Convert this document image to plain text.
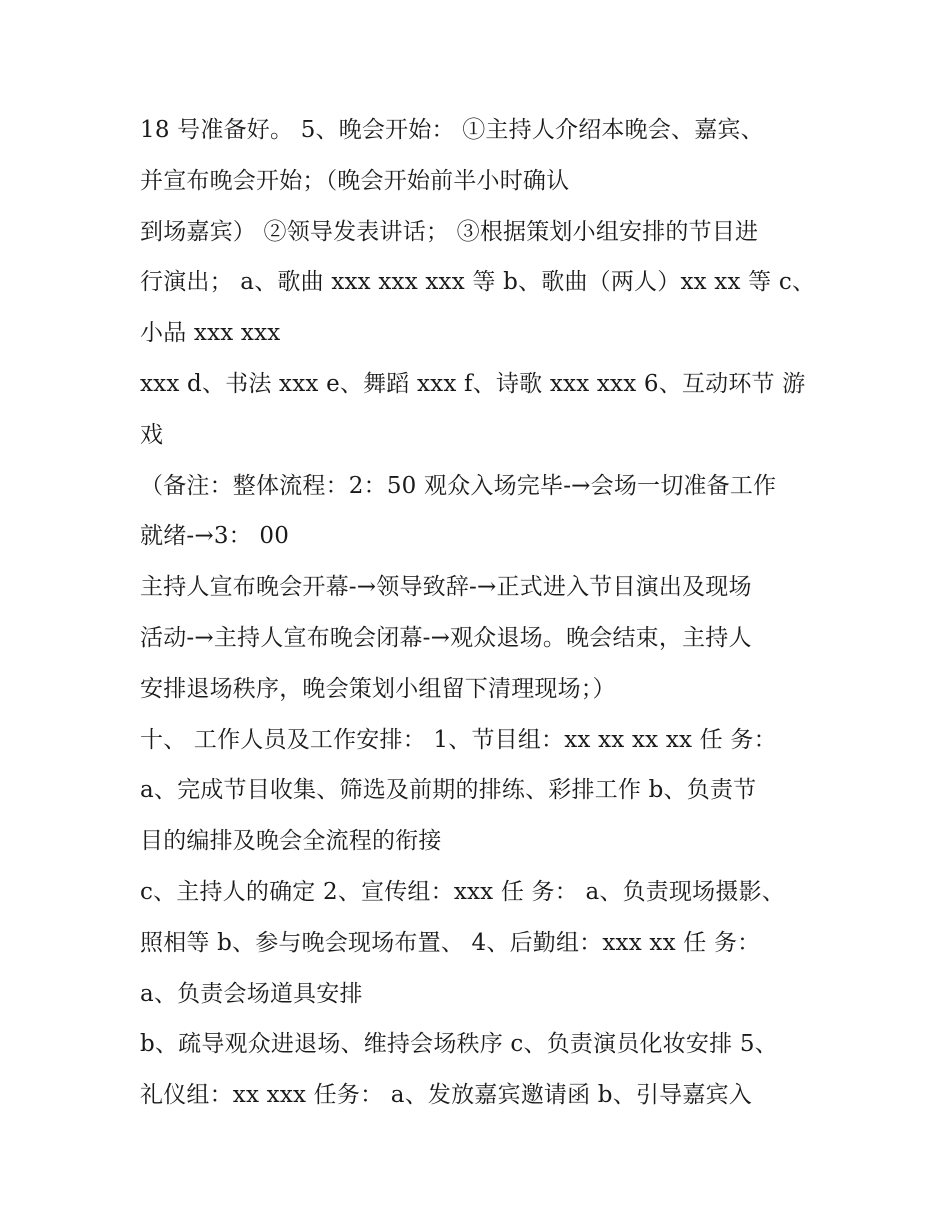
18 号准备好。 5、晚会开始： ①主持人介绍本晚会、嘉宾、
并宣布晚会开始；（晚会开始前半小时确认
到场嘉宾） ②领导发表讲话； ③根据策划小组安排的节目进
行演出； a、歌曲 xxx xxx xxx 等 b、歌曲（两人）xx xx 等 c、
小品 xxx xxx
xxx d、书法 xxx e、舞蹈 xxx f、诗歌 xxx xxx 6、互动环节 游
戏
（备注：整体流程：2：50 观众入场完毕-→会场一切准备工作
就绪-→3： 00
主持人宣布晚会开幕-→领导致辞-→正式进入节目演出及现场
活动-→主持人宣布晚会闭幕-→观众退场。晚会结束，主持人
安排退场秩序，晚会策划小组留下清理现场；）
十、 工作人员及工作安排： 1、节目组：xx xx xx xx 任 务：
a、完成节目收集、筛选及前期的排练、彩排工作 b、负责节
目的编排及晚会全流程的衔接
c、主持人的确定 2、宣传组：xxx 任 务： a、负责现场摄影、
照相等 b、参与晚会现场布置、 4、后勤组：xxx xx 任 务：
a、负责会场道具安排
b、疏导观众进退场、维持会场秩序 c、负责演员化妆安排 5、
礼仪组：xx xxx 任务： a、发放嘉宾邀请函 b、引导嘉宾入
